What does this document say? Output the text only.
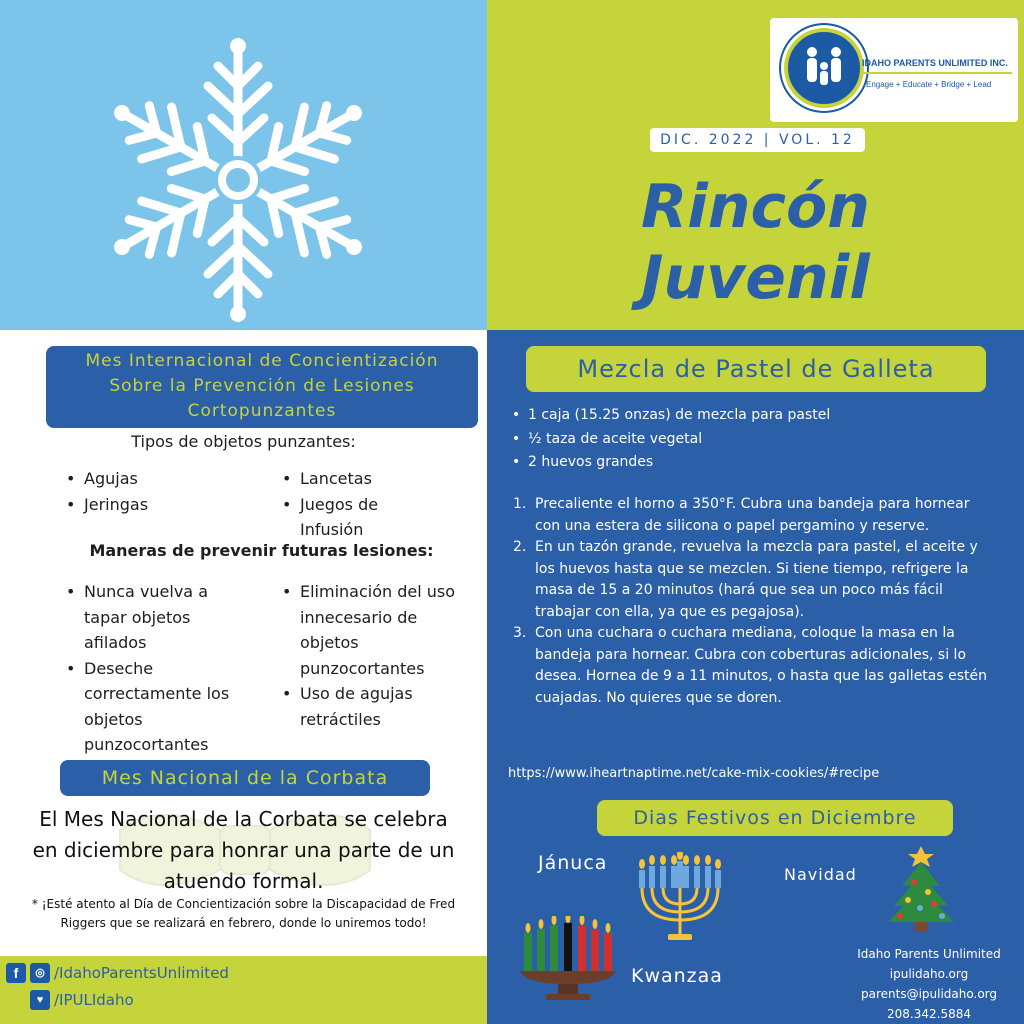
IDAHO PARENTS UNLIMITED INC.
Engage + Educate + Bridge + Lead
DIC. 2022 | VOL. 12
Rincón
Juvenil
Mes Internacional de Concientización
Sobre la Prevención de Lesiones
Cortopunzantes
Tipos de objetos punzantes:
• Agujas
• Jeringas
• Lancetas
• Juegos de Infusión
Maneras de prevenir futuras lesiones:
• Nunca vuelva a tapar objetos afilados
• Deseche correctamente los objetos punzocortantes
• Eliminación del uso innecesario de objetos punzocortantes
• Uso de agujas retráctiles
Mes Nacional de la Corbata
El Mes Nacional de la Corbata se celebra en diciembre para honrar una parte de un atuendo formal.
* ¡Esté atento al Día de Concientización sobre la Discapacidad de Fred Riggers que se realizará en febrero, donde lo uniremos todo!
f	◎ /IdahoParentsUnlimited
♥ /IPULIdaho
Mezcla de Pastel de Galleta
• 1 caja (15.25 onzas) de mezcla para pastel
• ½ taza de aceite vegetal
• 2 huevos grandes
1. Precaliente el horno a 350°F. Cubra una bandeja para hornear con una estera de silicona o papel pergamino y reserve.
2. En un tazón grande, revuelva la mezcla para pastel, el aceite y los huevos hasta que se mezclen. Si tiene tiempo, refrigere la masa de 15 a 20 minutos (hará que sea un poco más fácil trabajar con ella, ya que es pegajosa).
3. Con una cuchara o cuchara mediana, coloque la masa en la bandeja para hornear. Cubra con coberturas adicionales, si lo desea. Hornea de 9 a 11 minutos, o hasta que las galletas estén cuajadas. No quieres que se doren.
https://www.iheartnaptime.net/cake-mix-cookies/#recipe
Dias Festivos en Diciembre
Jánuca
Navidad
Kwanzaa
Idaho Parents Unlimited
ipulidaho.org
parents@ipulidaho.org
208.342.5884
